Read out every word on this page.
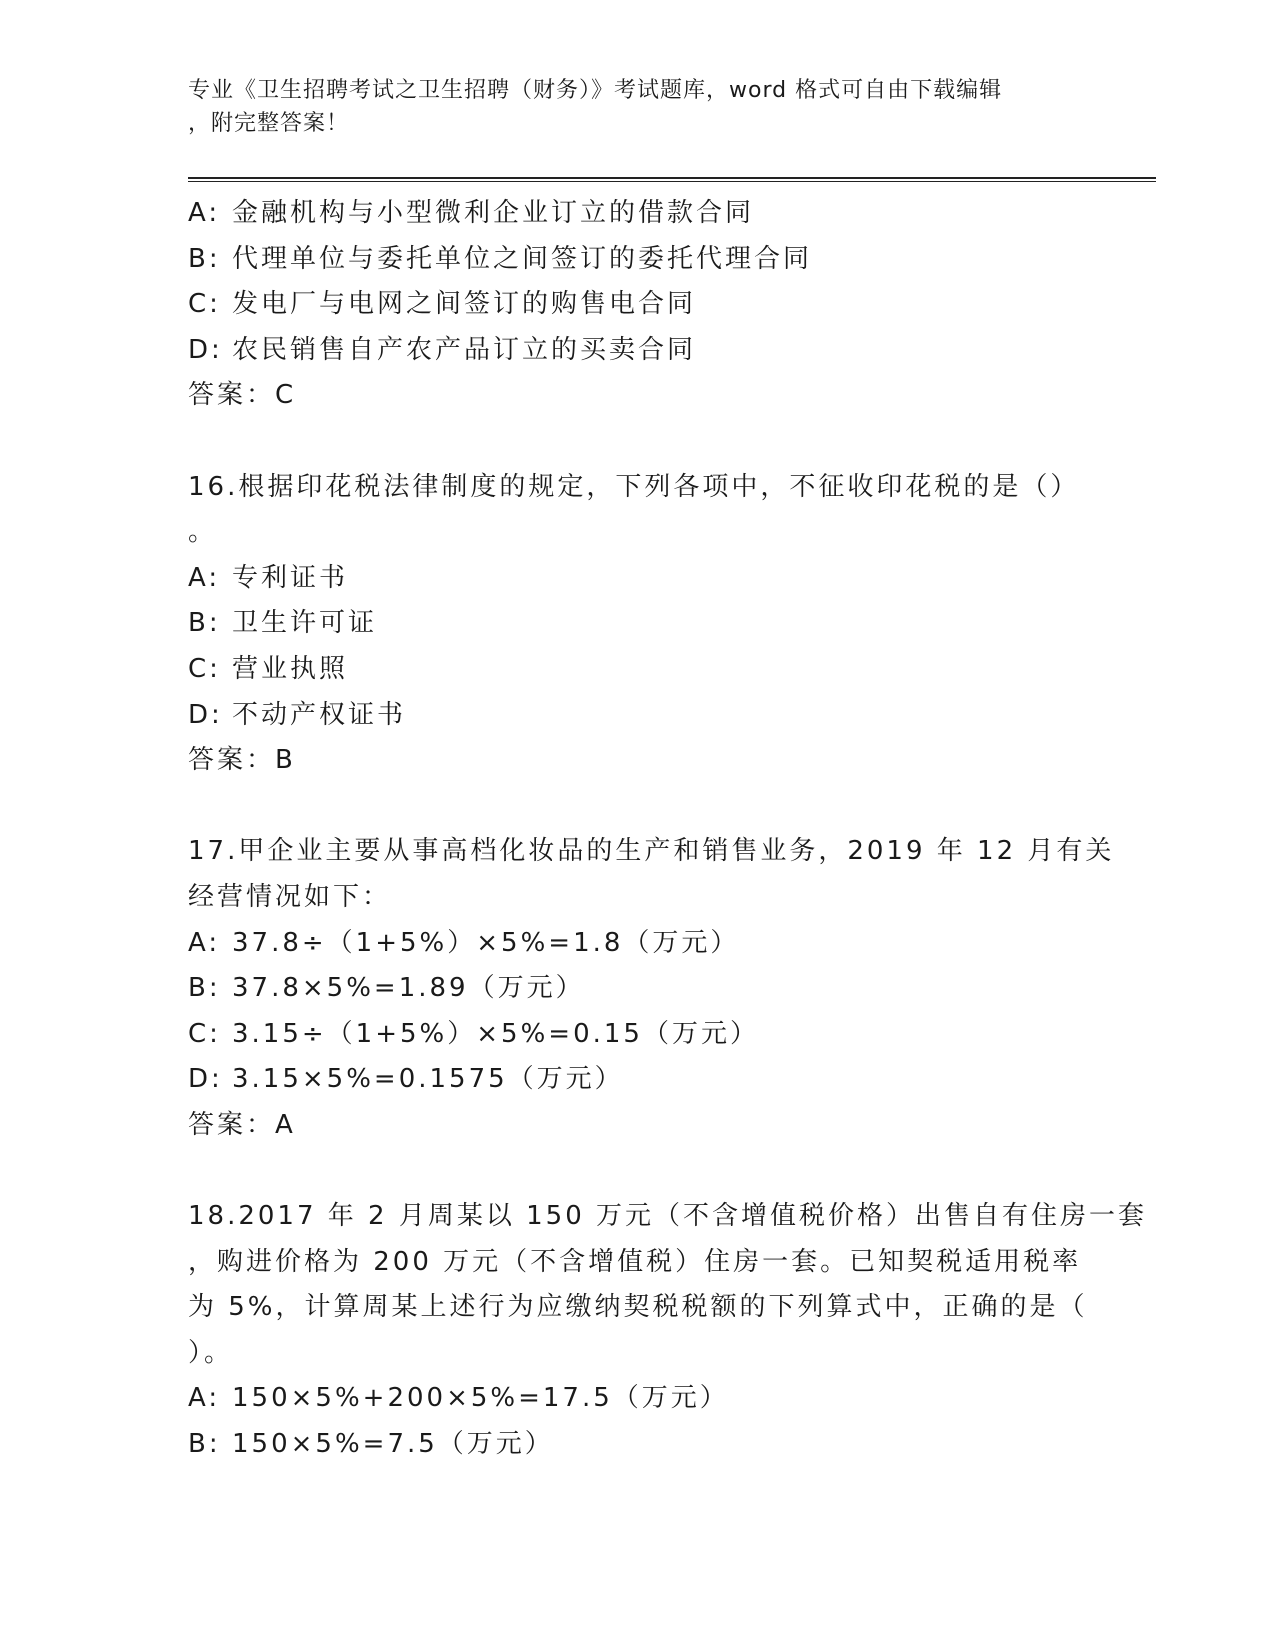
专业《卫生招聘考试之卫生招聘（财务）》考试题库，word 格式可自由下载编辑
，附完整答案！
A: 金融机构与小型微利企业订立的借款合同
B: 代理单位与委托单位之间签订的委托代理合同
C: 发电厂与电网之间签订的购售电合同
D: 农民销售自产农产品订立的买卖合同
答案：C
16.根据印花税法律制度的规定，下列各项中，不征收印花税的是（）
。
A: 专利证书
B: 卫生许可证
C: 营业执照
D: 不动产权证书
答案：B
17.甲企业主要从事高档化妆品的生产和销售业务，2019 年 12 月有关
经营情况如下：
A: 37.8÷（1+5%）×5%=1.8（万元）
B: 37.8×5%=1.89（万元）
C: 3.15÷（1+5%）×5%=0.15（万元）
D: 3.15×5%=0.1575（万元）
答案：A
18.2017 年 2 月周某以 150 万元（不含增值税价格）出售自有住房一套
，购进价格为 200 万元（不含增值税）住房一套。已知契税适用税率
为 5%，计算周某上述行为应缴纳契税税额的下列算式中，正确的是（
）。
A: 150×5%+200×5%=17.5（万元）
B: 150×5%=7.5（万元）
